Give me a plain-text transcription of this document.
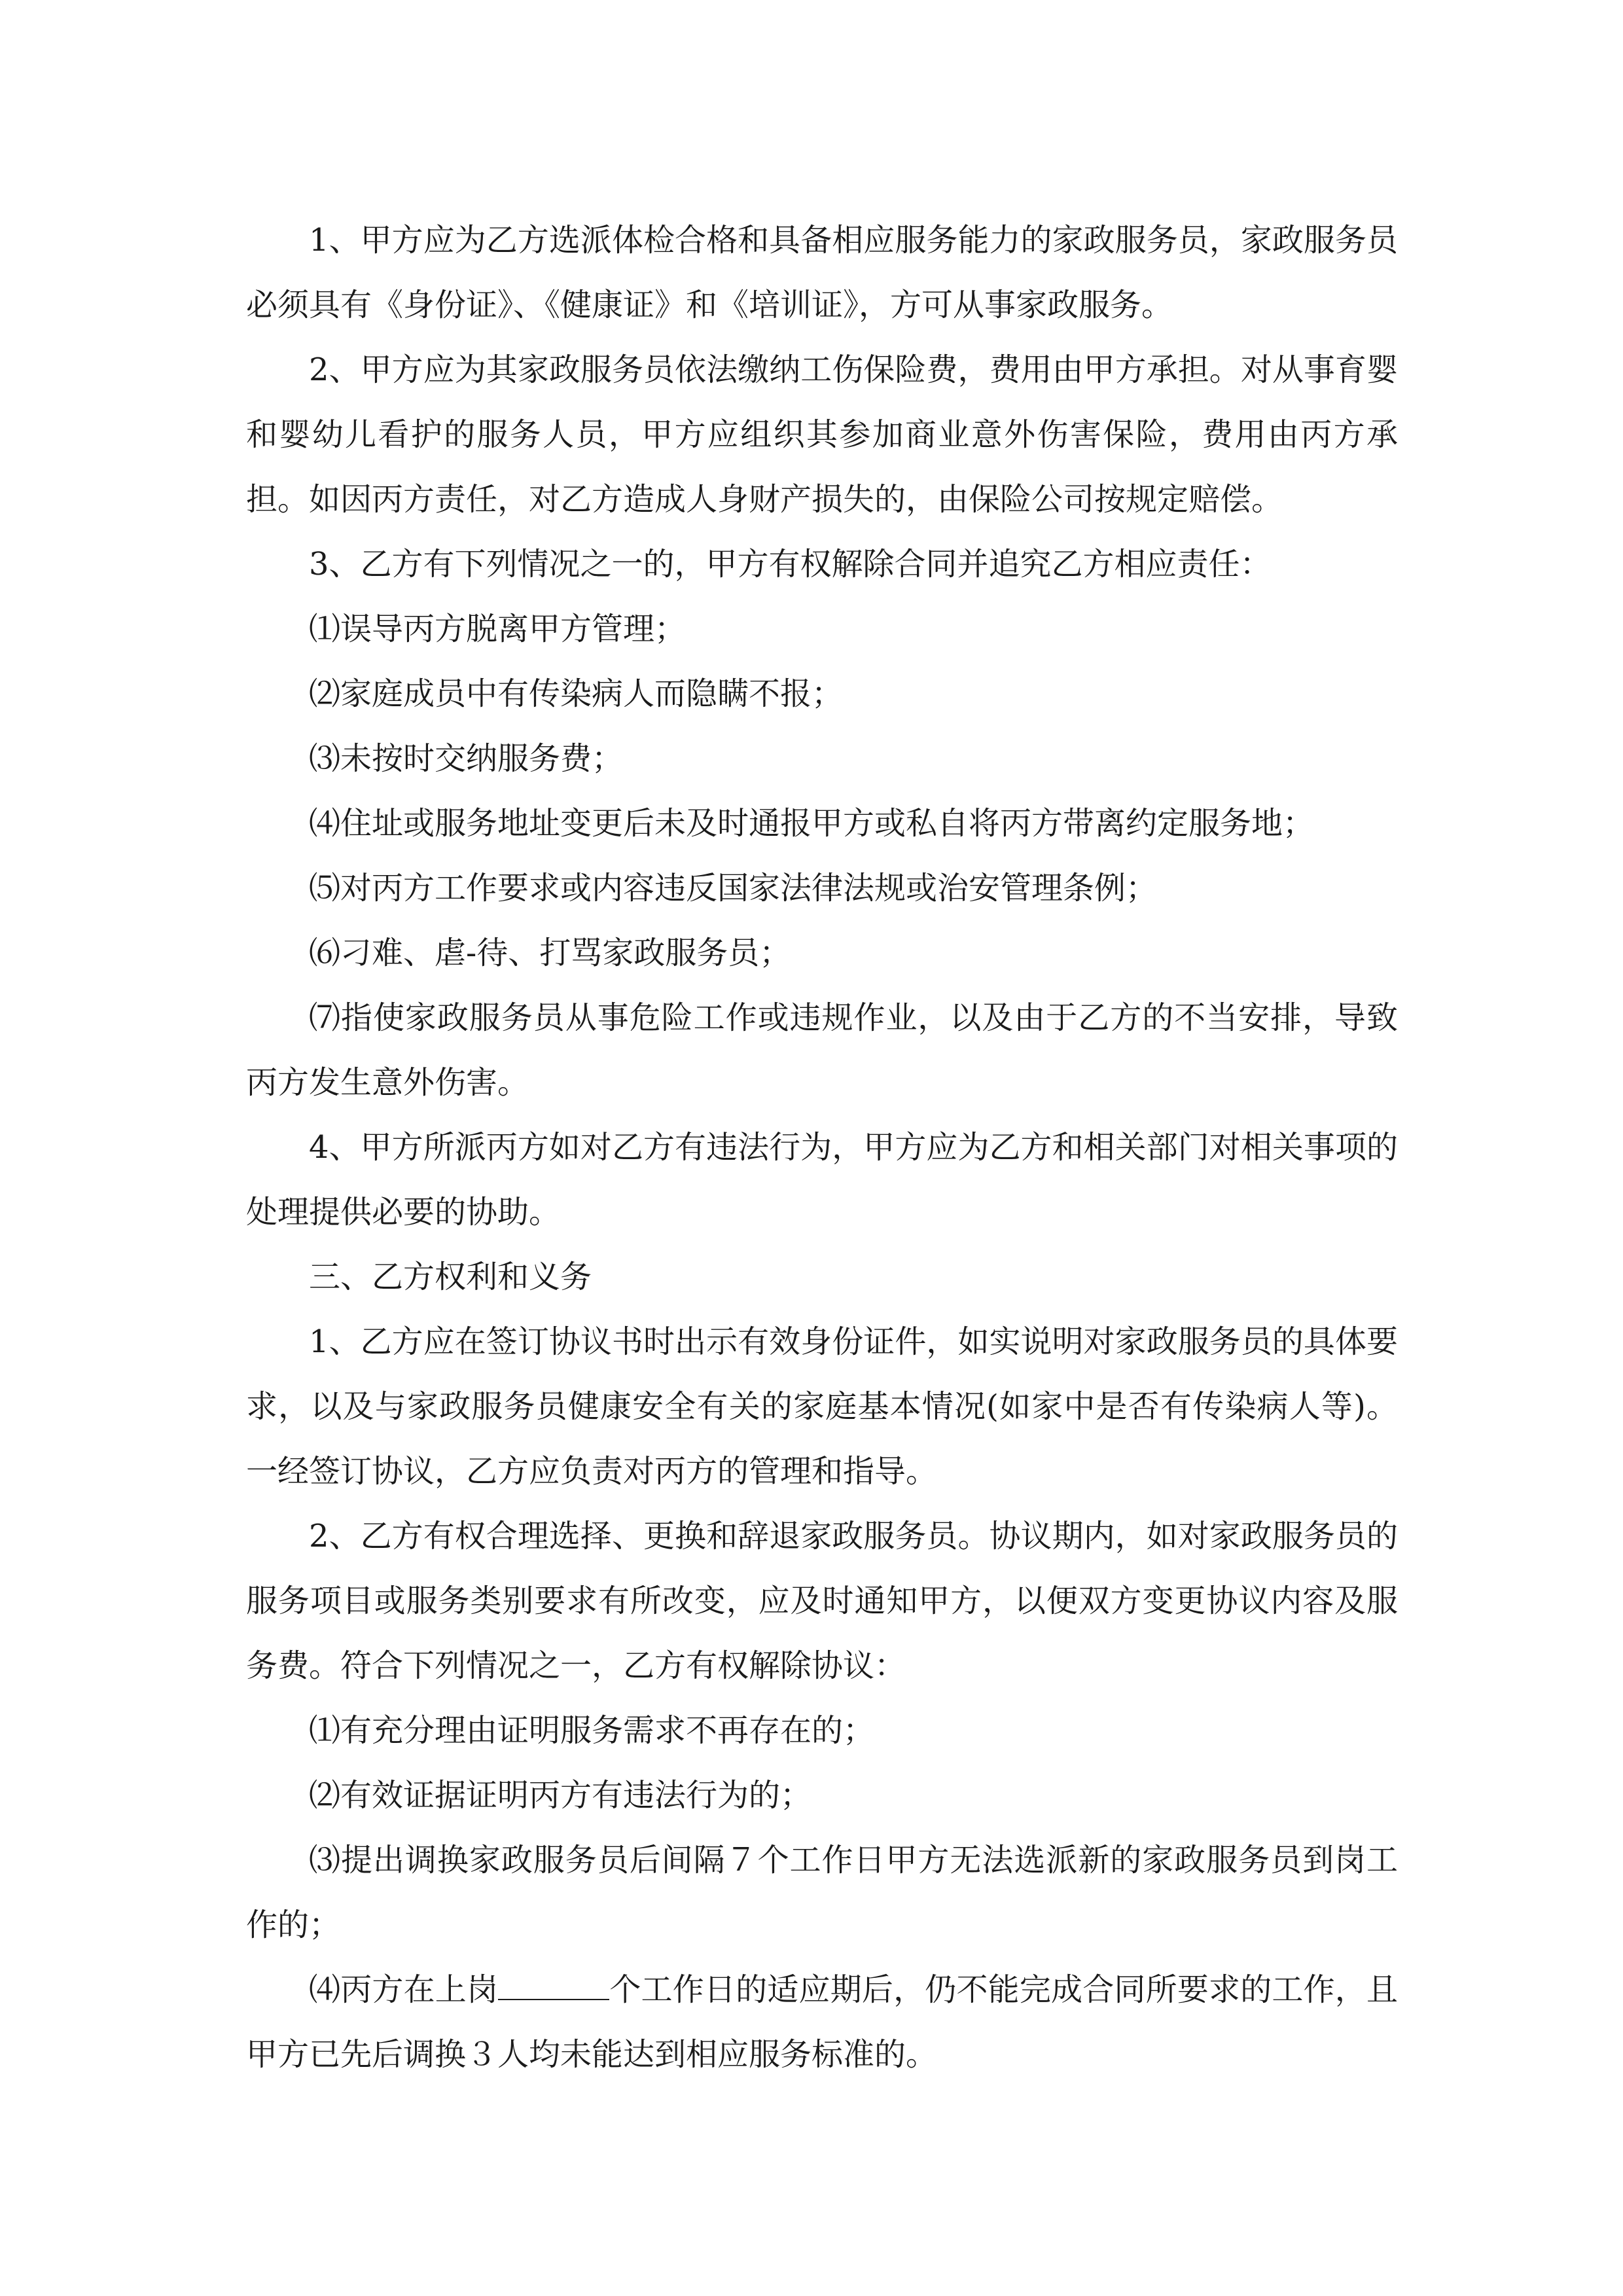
1、甲方应为乙方选派体检合格和具备相应服务能力的家政服务员，家政服务员必须具有《身份证》、《健康证》和《培训证》，方可从事家政服务。

2、甲方应为其家政服务员依法缴纳工伤保险费，费用由甲方承担。对从事育婴和婴幼儿看护的服务人员，甲方应组织其参加商业意外伤害保险，费用由丙方承担。如因丙方责任，对乙方造成人身财产损失的，由保险公司按规定赔偿。

3、乙方有下列情况之一的，甲方有权解除合同并追究乙方相应责任：

⑴误导丙方脱离甲方管理；

⑵家庭成员中有传染病人而隐瞒不报；

⑶未按时交纳服务费；

⑷住址或服务地址变更后未及时通报甲方或私自将丙方带离约定服务地；

⑸对丙方工作要求或内容违反国家法律法规或治安管理条例；

⑹刁难、虐-待、打骂家政服务员；

⑺指使家政服务员从事危险工作或违规作业，以及由于乙方的不当安排，导致丙方发生意外伤害。

4、甲方所派丙方如对乙方有违法行为，甲方应为乙方和相关部门对相关事项的处理提供必要的协助。

三、乙方权利和义务

1、乙方应在签订协议书时出示有效身份证件，如实说明对家政服务员的具体要求，以及与家政服务员健康安全有关的家庭基本情况(如家中是否有传染病人等)。一经签订协议，乙方应负责对丙方的管理和指导。

2、乙方有权合理选择、更换和辞退家政服务员。协议期内，如对家政服务员的服务项目或服务类别要求有所改变，应及时通知甲方，以便双方变更协议内容及服务费。符合下列情况之一，乙方有权解除协议：

⑴有充分理由证明服务需求不再存在的；

⑵有效证据证明丙方有违法行为的；

⑶提出调换家政服务员后间隔７个工作日甲方无法选派新的家政服务员到岗工作的；

⑷丙方在上岗	个工作日的适应期后，仍不能完成合同所要求的工作，且甲方已先后调换３人均未能达到相应服务标准的。
